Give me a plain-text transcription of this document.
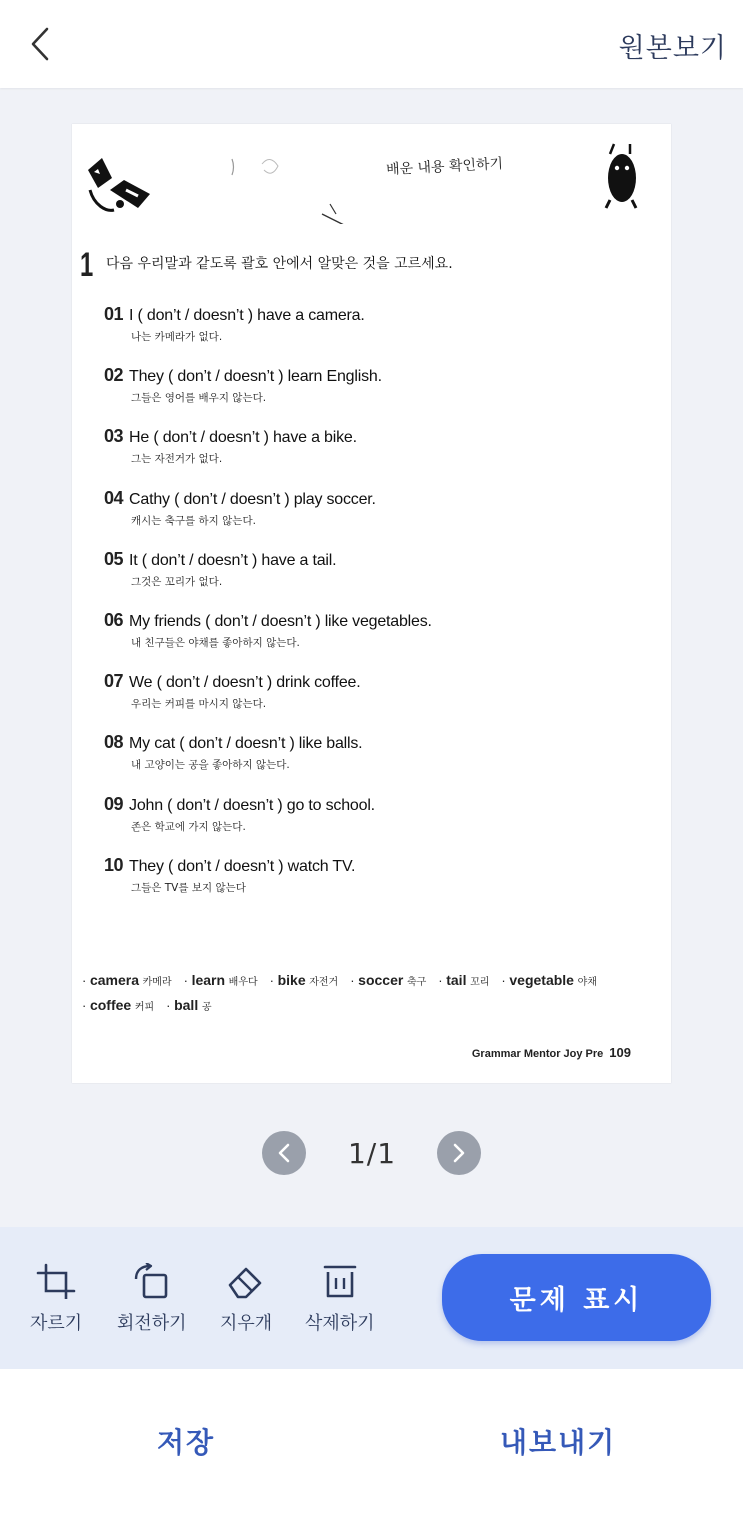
원본보기
배운 내용 확인하기
1 다음 우리말과 같도록 괄호 안에서 알맞은 것을 고르세요.
01 I ( don’t / doesn’t ) have a camera.
나는 카메라가 없다.
02 They ( don’t / doesn’t ) learn English.
그들은 영어를 배우지 않는다.
03 He ( don’t / doesn’t ) have a bike.
그는 자전거가 없다.
04 Cathy ( don’t / doesn’t ) play soccer.
캐시는 축구를 하지 않는다.
05 It ( don’t / doesn’t ) have a tail.
그것은 꼬리가 없다.
06 My friends ( don’t / doesn’t ) like vegetables.
내 친구들은 야채를 좋아하지 않는다.
07 We ( don’t / doesn’t ) drink coffee.
우리는 커피를 마시지 않는다.
08 My cat ( don’t / doesn’t ) like balls.
내 고양이는 공을 좋아하지 않는다.
09 John ( don’t / doesn’t ) go to school.
존은 학교에 가지 않는다.
10 They ( don’t / doesn’t ) watch TV.
그들은 TV를 보지 않는다
· camera 카메라 · learn 배우다 · bike 자전거 · soccer 축구 · tail 꼬리 · vegetable 야채
· coffee 커피 · ball 공
Grammar Mentor Joy Pre 109
1/1
자르기 회전하기 지우개 삭제하기
문제 표시
저장	내보내기
